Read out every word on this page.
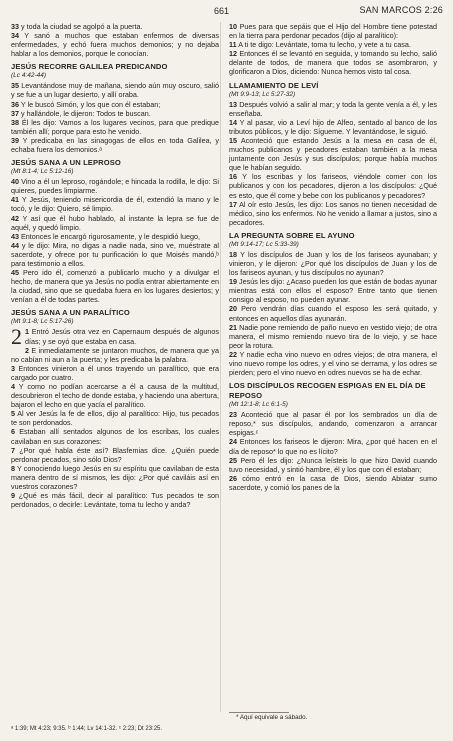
661	SAN MARCOS 2:26

33 y toda la ciudad se agolpó a la puerta.

34 Y sanó a muchos que estaban enfermos de diversas enfermedades, y echó fuera muchos demonios; y no dejaba hablar a los demonios, porque le conocían.

JESÚS RECORRE GALILEA PREDICANDO
(Lc 4:42-44)

35 Levantándose muy de mañana, siendo aún muy oscuro, salió y se fue a un lugar desierto, y allí oraba.

36 Y le buscó Simón, y los que con él estaban;

37 y hallándole, le dijeron: Todos te buscan.

38 Él les dijo: Vamos a los lugares vecinos, para que predique también allí; porque para esto he venido.

39 Y predicaba en las sinagogas de ellos en toda Galilea, y echaba fuera los demonios.ᵃ

JESÚS SANA A UN LEPROSO
(Mt 8:1-4; Lc 5:12-16)

40 Vino a él un leproso, rogándole; e hincada la rodilla, le dijo: Si quieres, puedes limpiarme.

41 Y Jesús, teniendo misericordia de él, extendió la mano y le tocó, y le dijo: Quiero, sé limpio.

42 Y así que él hubo hablado, al instante la lepra se fue de aquél, y quedó limpio.

43 Entonces le encargó rigurosamente, y le despidió luego,

44 y le dijo: Mira, no digas a nadie nada, sino ve, muéstrate al sacerdote, y ofrece por tu purificación lo que Moisés mandó,ᵇ para testimonio a ellos.

45 Pero ido él, comenzó a publicarlo mucho y a divulgar el hecho, de manera que ya Jesús no podía entrar abiertamente en la ciudad, sino que se quedaba fuera en los lugares desiertos; y venían a él de todas partes.

JESÚS SANA A UN PARALÍTICO
(Mt 9:1-8; Lc 5:17-26)

2 1 Entró Jesús otra vez en Capernaum después de algunos días; y se oyó que estaba en casa.

2 E inmediatamente se juntaron muchos, de manera que ya no cabían ni aun a la puerta; y les predicaba la palabra.

3 Entonces vinieron a él unos trayendo un paralítico, que era cargado por cuatro.

4 Y como no podían acercarse a él a causa de la multitud, descubrieron el techo de donde estaba, y haciendo una abertura, bajaron el lecho en que yacía el paralítico.

5 Al ver Jesús la fe de ellos, dijo al paralítico: Hijo, tus pecados te son perdonados.

6 Estaban allí sentados algunos de los escribas, los cuales cavilaban en sus corazones:

7 ¿Por qué habla éste así? Blasfemias dice. ¿Quién puede perdonar pecados, sino sólo Dios?

8 Y conociendo luego Jesús en su espíritu que cavilaban de esta manera dentro de sí mismos, les dijo: ¿Por qué caviláis así en vuestros corazones?

9 ¿Qué es más fácil, decir al paralítico: Tus pecados te son perdonados, o decirle: Levántate, toma tu lecho y anda?

10 Pues para que sepáis que el Hijo del Hombre tiene potestad en la tierra para perdonar pecados (dijo al paralítico):

11 A ti te digo: Levántate, toma tu lecho, y vete a tu casa.

12 Entonces él se levantó en seguida, y tomando su lecho, salió delante de todos, de manera que todos se asombraron, y glorificaron a Dios, diciendo: Nunca hemos visto tal cosa.

LLAMAMIENTO DE LEVÍ
(Mt 9:9-13; Lc 5:27-32)

13 Después volvió a salir al mar; y toda la gente venía a él, y les enseñaba.

14 Y al pasar, vio a Leví hijo de Alfeo, sentado al banco de los tributos públicos, y le dijo: Sígueme. Y levantándose, le siguió.

15 Aconteció que estando Jesús a la mesa en casa de él, muchos publicanos y pecadores estaban también a la mesa juntamente con Jesús y sus discípulos; porque había muchos que le habían seguido.

16 Y los escribas y los fariseos, viéndole comer con los publicanos y con los pecadores, dijeron a los discípulos: ¿Qué es esto, que él come y bebe con los publicanos y pecadores?

17 Al oír esto Jesús, les dijo: Los sanos no tienen necesidad de médico, sino los enfermos. No he venido a llamar a justos, sino a pecadores.

LA PREGUNTA SOBRE EL AYUNO
(Mt 9:14-17; Lc 5:33-39)

18 Y los discípulos de Juan y los de los fariseos ayunaban; y vinieron, y le dijeron: ¿Por qué los discípulos de Juan y los de los fariseos ayunan, y tus discípulos no ayunan?

19 Jesús les dijo: ¿Acaso pueden los que están de bodas ayunar mientras está con ellos el esposo? Entre tanto que tienen consigo al esposo, no pueden ayunar.

20 Pero vendrán días cuando el esposo les será quitado, y entonces en aquellos días ayunarán.

21 Nadie pone remiendo de paño nuevo en vestido viejo; de otra manera, el mismo remiendo nuevo tira de lo viejo, y se hace peor la rotura.

22 Y nadie echa vino nuevo en odres viejos; de otra manera, el vino nuevo rompe los odres, y el vino se derrama, y los odres se pierden; pero el vino nuevo en odres nuevos se ha de echar.

LOS DISCÍPULOS RECOGEN ESPIGAS EN EL DÍA DE REPOSO
(Mt 12:1-8; Lc 6:1-5)

23 Aconteció que al pasar él por los sembrados un día de reposo,* sus discípulos, andando, comenzaron a arrancar espigas.ᶜ

24 Entonces los fariseos le dijeron: Mira, ¿por qué hacen en el día de reposo* lo que no es lícito?

25 Pero él les dijo: ¿Nunca leísteis lo que hizo David cuando tuvo necesidad, y sintió hambre, él y los que con él estaban;

26 cómo entró en la casa de Dios, siendo Abiatar sumo sacerdote, y comió los panes de la

* Aquí equivale a sábado.
ᵃ 1:39; Mt 4:23; 9:35. ᵇ 1:44; Lv 14:1-32. ᶜ 2:23; Dt 23:25.
